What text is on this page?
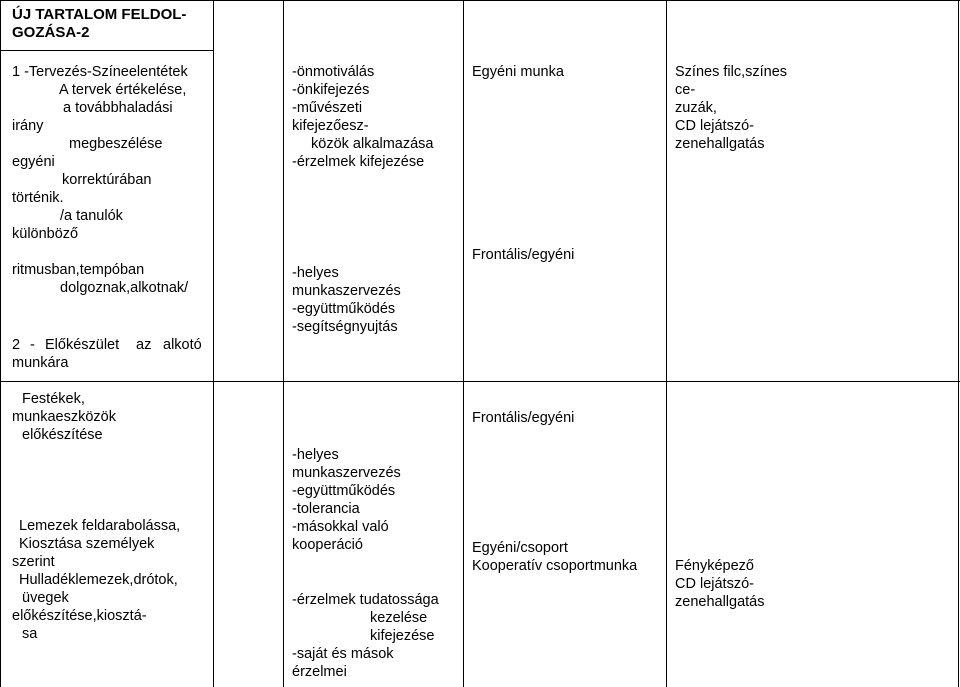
ÚJ TARTALOM FELDOL-
GOZÁSA-2
1 -Tervezés-Színeelentétek
A tervek értékelése,
a továbbhaladási
irány
megbeszélése
egyéni
korrektúrában
történik.
/a tanulók
különböző
ritmusban,tempóban
dolgoznak,alkotnak/
2 - Előkészület az alkotó
munkára
Festékek,
munkaeszközök
előkészítése
Lemezek feldarabolássa,
Kiosztása személyek
szerint
Hulladéklemezek,drótok,
üvegek
előkészítése,kiosztá-
sa
-önmotiválás
-önkifejezés
-művészeti
kifejezőesz-
közök alkalmazása
-érzelmek kifejezése
-helyes
munkaszervezés
-együttműködés
-segítségnyujtás
-helyes
munkaszervezés
-együttműködés
-tolerancia
-másokkal való
kooperáció
-érzelmek tudatossága
kezelése
kifejezése
-saját és mások
érzelmei
Egyéni munka
Frontális/egyéni
Frontális/egyéni
Egyéni/csoport
Kooperatív csoportmunka
Színes filc,színes
ce-
zuzák,
CD lejátszó-
zenehallgatás
Fényképező
CD lejátszó-
zenehallgatás
